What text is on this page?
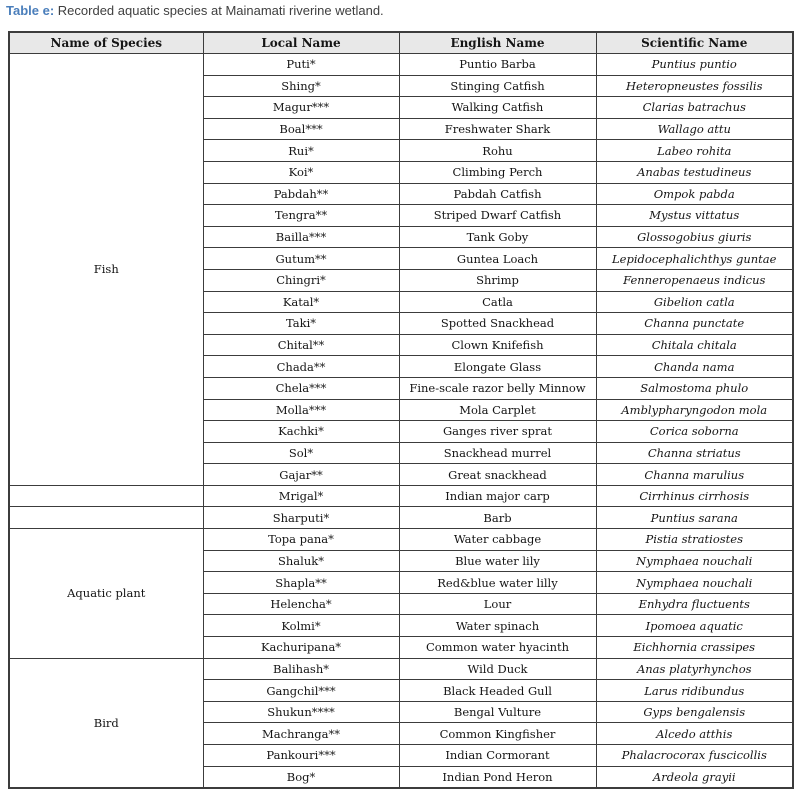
Table e: Recorded aquatic species at Mainamati riverine wetland.
Name of Species	Local Name	English Name	Scientific Name
Fish	Puti*	Puntio Barba	Puntius puntio
	Shing*	Stinging Catfish	Heteropneustes fossilis
	Magur***	Walking Catfish	Clarias batrachus
	Boal***	Freshwater Shark	Wallago attu
	Rui*	Rohu	Labeo rohita
	Koi*	Climbing Perch	Anabas testudineus
	Pabdah**	Pabdah Catfish	Ompok pabda
	Tengra**	Striped Dwarf Catfish	Mystus vittatus
	Bailla***	Tank Goby	Glossogobius giuris
	Gutum**	Guntea Loach	Lepidocephalichthys guntae
	Chingri*	Shrimp	Fenneropenaeus indicus
	Katal*	Catla	Gibelion catla
	Taki*	Spotted Snackhead	Channa punctate
	Chital**	Clown Knifefish	Chitala chitala
	Chada**	Elongate Glass	Chanda nama
	Chela***	Fine-scale razor belly Minnow	Salmostoma phulo
	Molla***	Mola Carplet	Amblypharyngodon mola
	Kachki*	Ganges river sprat	Corica soborna
	Sol*	Snackhead murrel	Channa striatus
	Gajar**	Great snackhead	Channa marulius
	Mrigal*	Indian major carp	Cirrhinus cirrhosis
	Sharputi*	Barb	Puntius sarana
Aquatic plant	Topa pana*	Water cabbage	Pistia stratiostes
	Shaluk*	Blue water lily	Nymphaea nouchali
	Shapla**	Red&blue water lilly	Nymphaea nouchali
	Helencha*	Lour	Enhydra fluctuents
	Kolmi*	Water spinach	Ipomoea aquatic
	Kachuripana*	Common water hyacinth	Eichhornia crassipes
Bird	Balihash*	Wild Duck	Anas platyrhynchos
	Gangchil***	Black Headed Gull	Larus ridibundus
	Shukun****	Bengal Vulture	Gyps bengalensis
	Machranga**	Common Kingfisher	Alcedo atthis
	Pankouri***	Indian Cormorant	Phalacrocorax fuscicollis
	Bog*	Indian Pond Heron	Ardeola grayii
